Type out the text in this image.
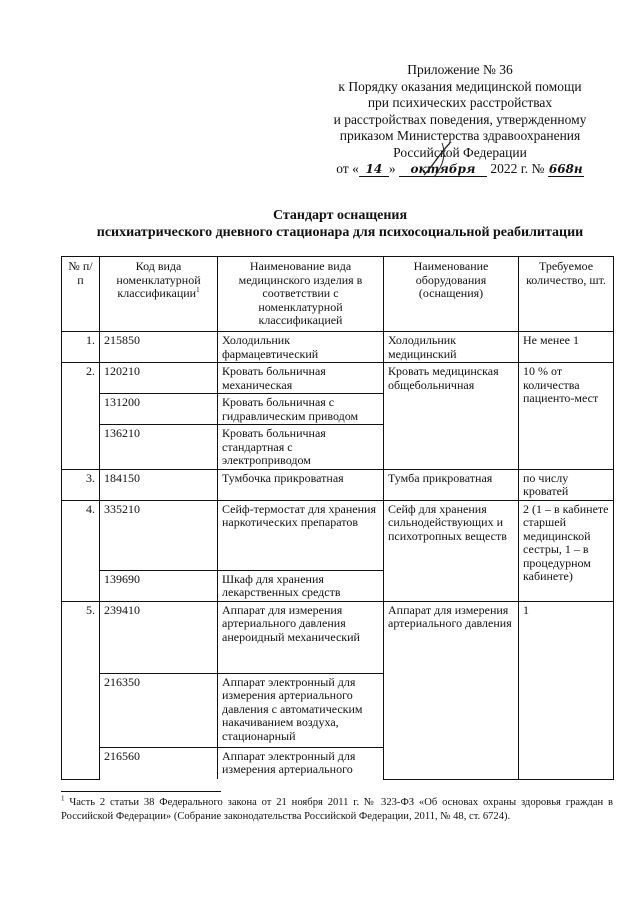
Приложение № 36
к Порядку оказания медицинской помощи
при психических расстройствах
и расстройствах поведения, утвержденному
приказом Министерства здравоохранения
Российской Федерации
от « 14 » октября 2022 г. № 668н
Стандарт оснащения
психиатрического дневного стационара для психосоциальной реабилитации
№ п/п	Код вида номенклатурной классификации$^1$	Наименование вида медицинского изделия в соответствии с номенклатурной классификацией	Наименование оборудования (оснащения)	Требуемое количество, шт.
1.	215850	Холодильник фармацевтический	Холодильник медицинский	Не менее 1
2.	120210	Кровать больничная механическая	Кровать медицинская общебольничная	10 % от количества пациенто-мест
	131200	Кровать больничная с гидравлическим приводом		
	136210	Кровать больничная стандартная с электроприводом		
3.	184150	Тумбочка прикроватная	Тумба прикроватная	по числу кроватей
4.	335210	Сейф-термостат для хранения наркотических препаратов	Сейф для хранения сильнодействующих и психотропных веществ	2 (1 – в кабинете старшей медицинской сестры, 1 – в процедурном кабинете)
	139690	Шкаф для хранения лекарственных средств		
5.	239410	Аппарат для измерения артериального давления анероидный механический	Аппарат для измерения артериального давления	1
	216350	Аппарат электронный для измерения артериального давления с автоматическим накачиванием воздуха, стационарный		
	216560	Аппарат электронный для измерения артериального		
$^1$ Часть 2 статьи 38 Федерального закона от 21 ноября 2011 г. № 323-ФЗ «Об основах охраны здоровья граждан в Российской Федерации» (Собрание законодательства Российской Федерации, 2011, № 48, ст. 6724).
